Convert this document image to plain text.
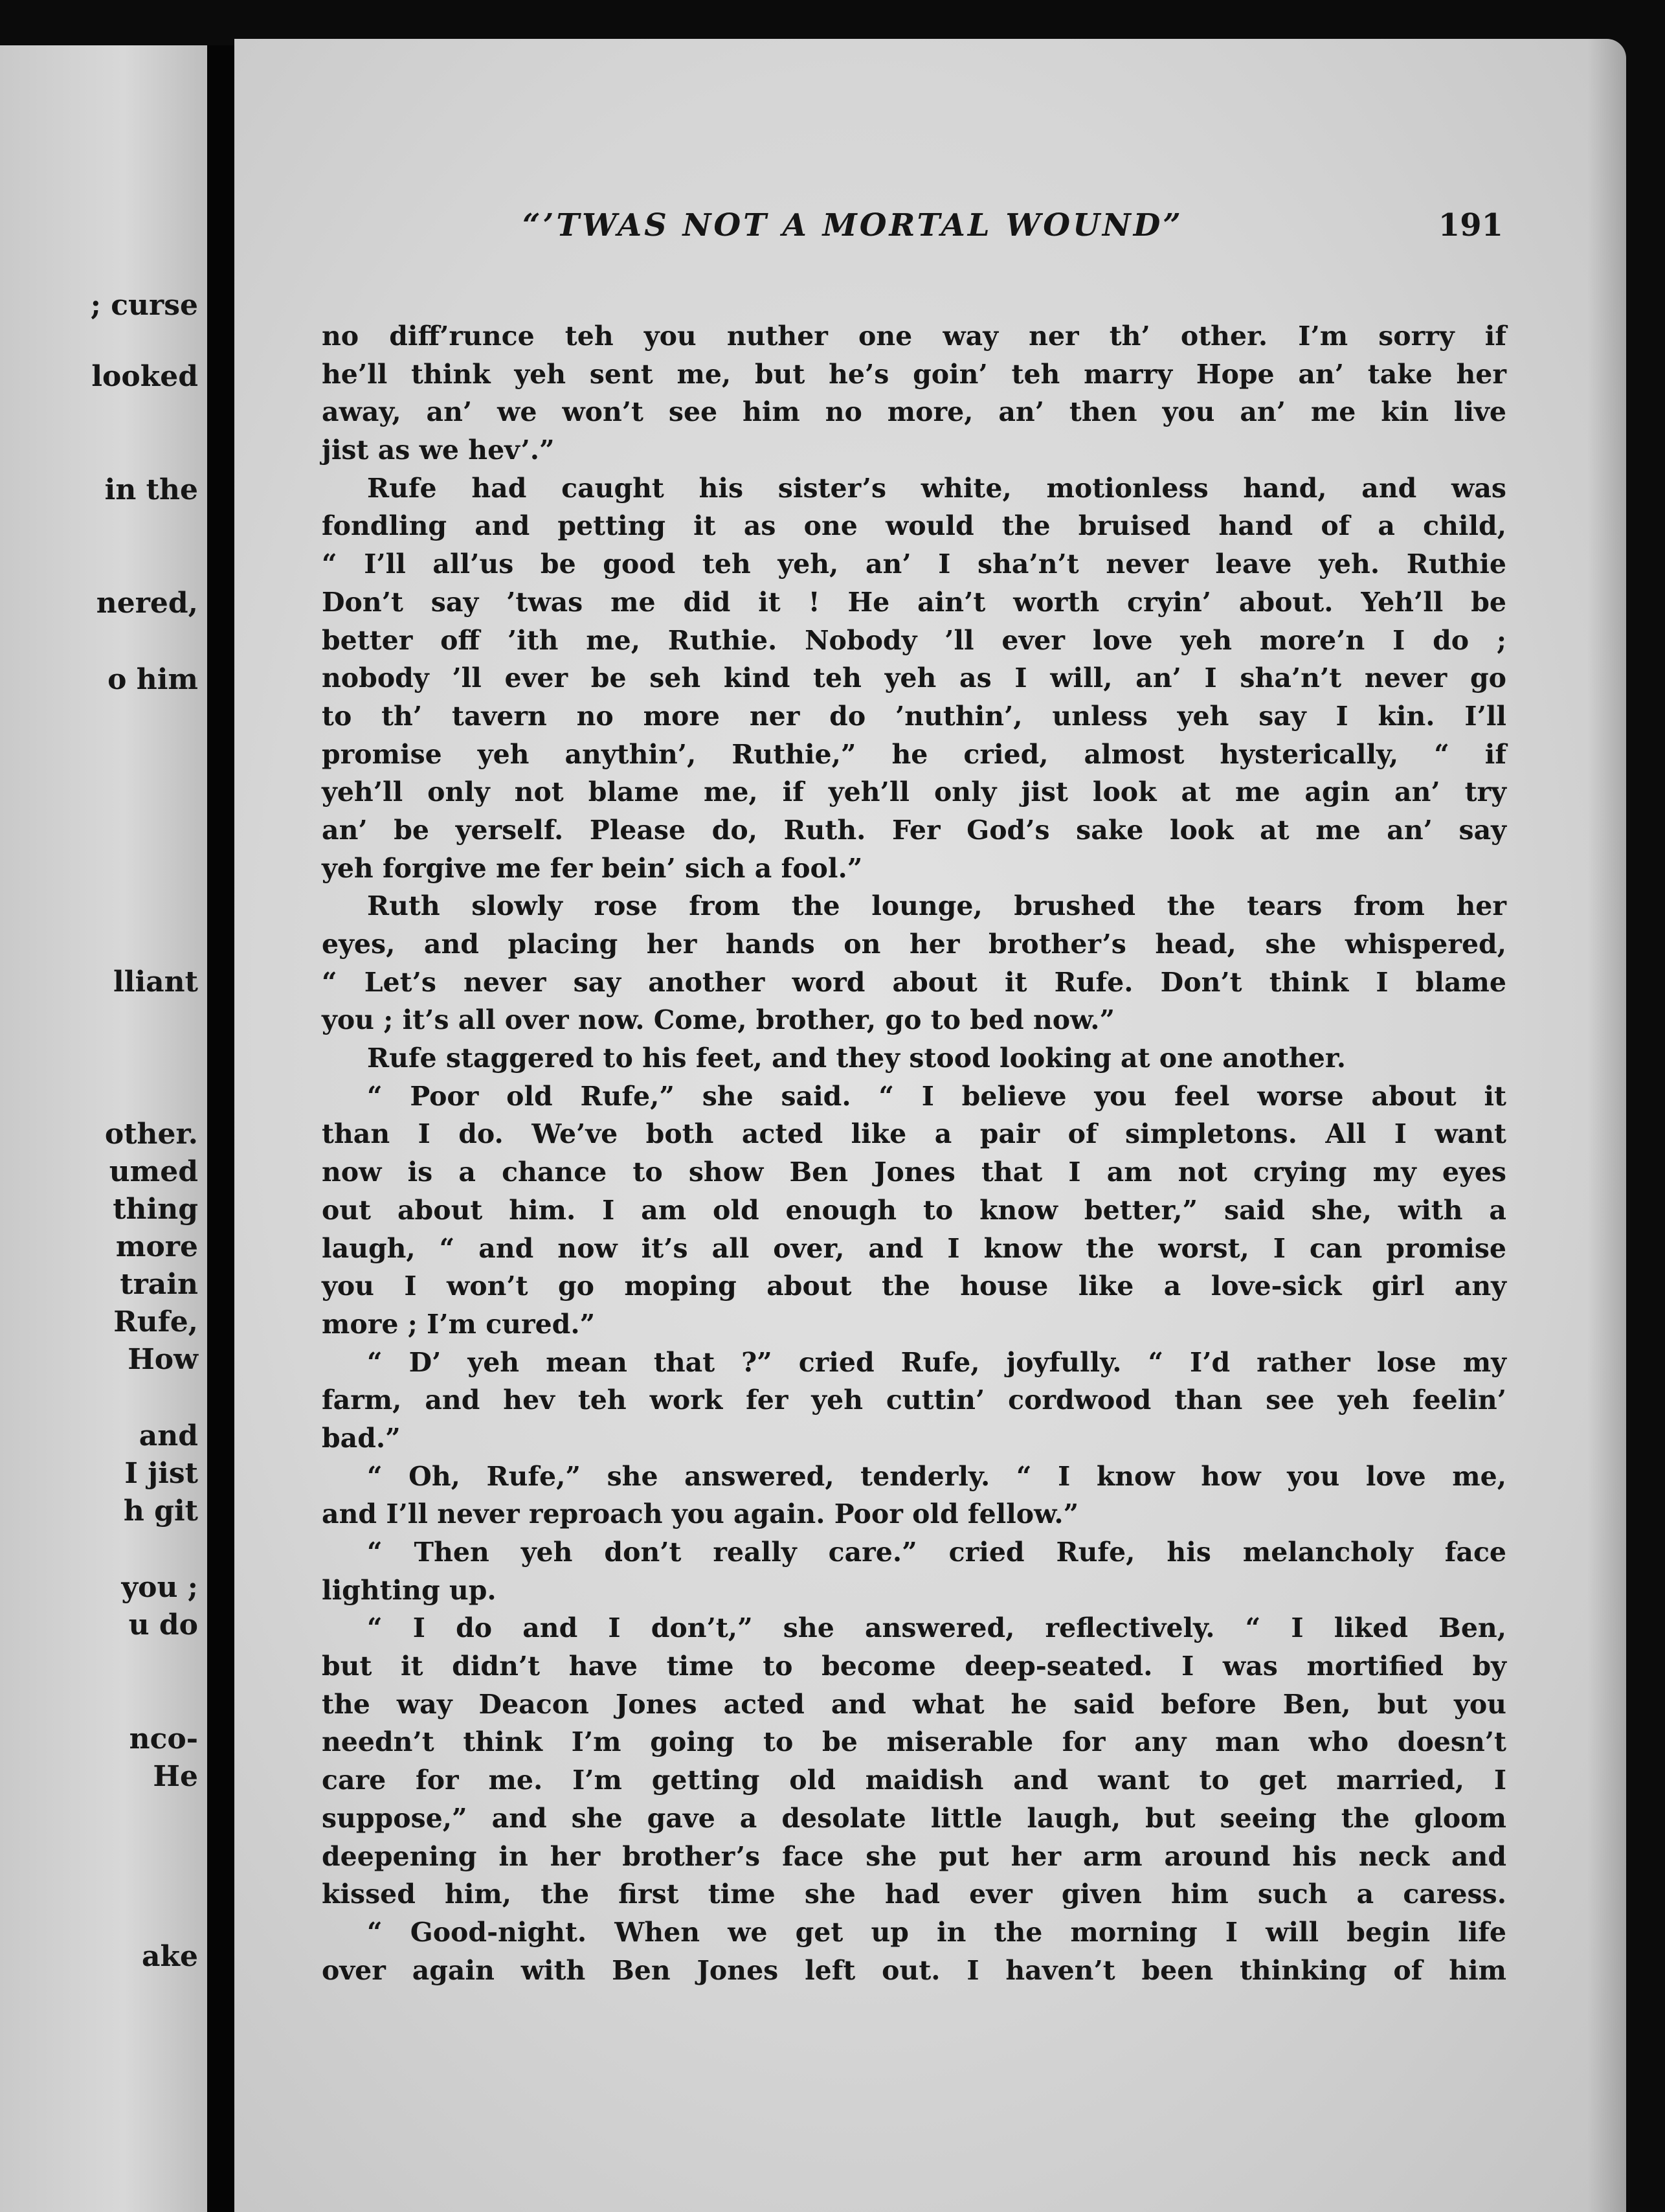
; curse
looked
in the
nered,
o him
lliant
other.
umed
thing
more
train
Rufe,
How
and
I jist
h git
you ;
u do
nco-
He
ake
“’TWAS NOT A MORTAL WOUND”	191
no diff’runce teh you nuther one way ner th’ other. I’m sorry if
he’ll think yeh sent me, but he’s goin’ teh marry Hope an’ take her
away, an’ we won’t see him no more, an’ then you an’ me kin live
jist as we hev’.”
Rufe had caught his sister’s white, motionless hand, and was
fondling and petting it as one would the bruised hand of a child,
“ I’ll all’us be good teh yeh, an’ I sha’n’t never leave yeh. Ruthie
Don’t say ’twas me did it ! He ain’t worth cryin’ about. Yeh’ll be
better off ’ith me, Ruthie. Nobody ’ll ever love yeh more’n I do ;
nobody ’ll ever be seh kind teh yeh as I will, an’ I sha’n’t never go
to th’ tavern no more ner do ’nuthin’, unless yeh say I kin. I’ll
promise yeh anythin’, Ruthie,” he cried, almost hysterically, “ if
yeh’ll only not blame me, if yeh’ll only jist look at me agin an’ try
an’ be yerself. Please do, Ruth. Fer God’s sake look at me an’ say
yeh forgive me fer bein’ sich a fool.”
Ruth slowly rose from the lounge, brushed the tears from her
eyes, and placing her hands on her brother’s head, she whispered,
“ Let’s never say another word about it Rufe. Don’t think I blame
you ; it’s all over now. Come, brother, go to bed now.”
Rufe staggered to his feet, and they stood looking at one another.
“ Poor old Rufe,” she said. “ I believe you feel worse about it
than I do. We’ve both acted like a pair of simpletons. All I want
now is a chance to show Ben Jones that I am not crying my eyes
out about him. I am old enough to know better,” said she, with a
laugh, “ and now it’s all over, and I know the worst, I can promise
you I won’t go moping about the house like a love-sick girl any
more ; I’m cured.”
“ D’ yeh mean that ?” cried Rufe, joyfully. “ I’d rather lose my
farm, and hev teh work fer yeh cuttin’ cordwood than see yeh feelin’
bad.”
“ Oh, Rufe,” she answered, tenderly. “ I know how you love me,
and I’ll never reproach you again. Poor old fellow.”
“ Then yeh don’t really care.” cried Rufe, his melancholy face
lighting up.
“ I do and I don’t,” she answered, reflectively. “ I liked Ben,
but it didn’t have time to become deep-seated. I was mortified by
the way Deacon Jones acted and what he said before Ben, but you
needn’t think I’m going to be miserable for any man who doesn’t
care for me. I’m getting old maidish and want to get married, I
suppose,” and she gave a desolate little laugh, but seeing the gloom
deepening in her brother’s face she put her arm around his neck and
kissed him, the first time she had ever given him such a caress.
“ Good-night. When we get up in the morning I will begin life
over again with Ben Jones left out. I haven’t been thinking of him
